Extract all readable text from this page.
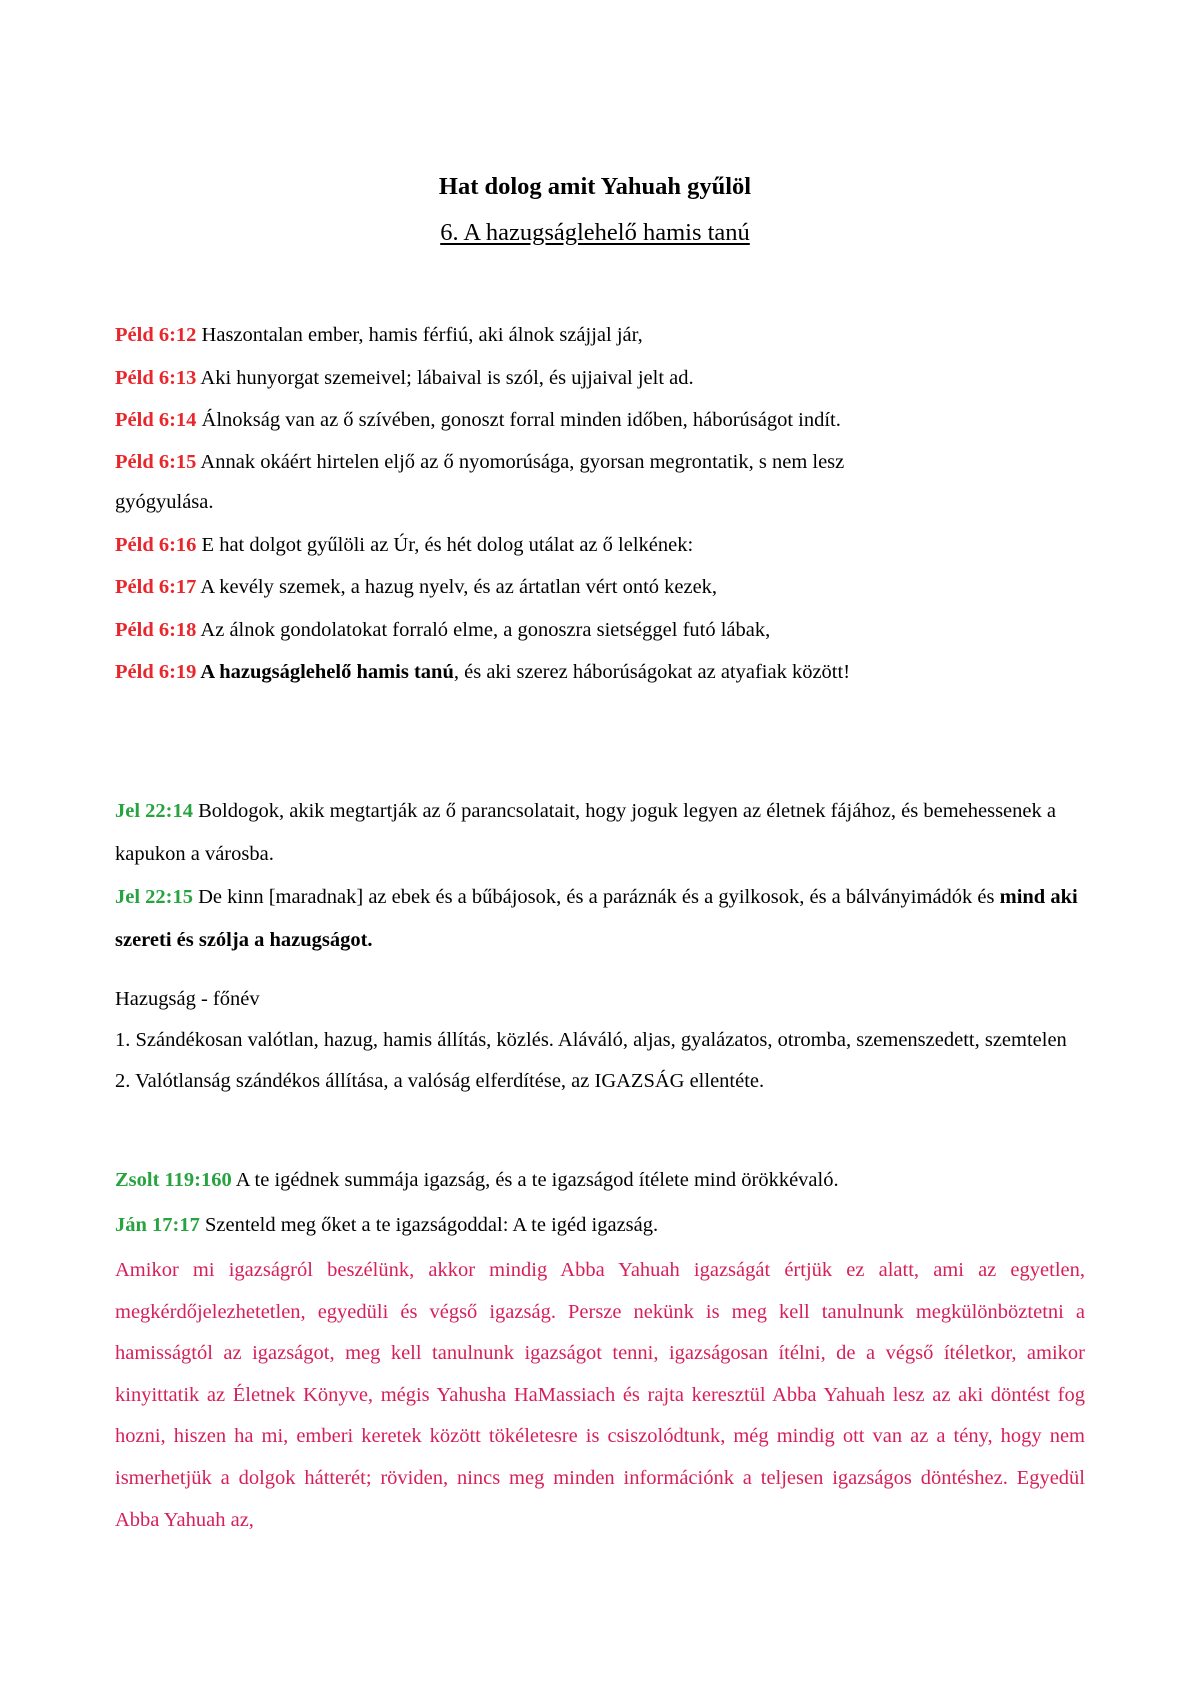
Hat dolog amit Yahuah gyűlöl
6. A hazugságlehelő hamis tanú

Péld 6:12 Haszontalan ember, hamis férfiú, aki álnok szájjal jár,

Péld 6:13 Aki hunyorgat szemeivel; lábaival is szól, és ujjaival jelt ad.

Péld 6:14 Álnokság van az ő szívében, gonoszt forral minden időben, háborúságot indít.

Péld 6:15 Annak okáért hirtelen eljő az ő nyomorúsága, gyorsan megrontatik, s nem lesz gyógyulása.

Péld 6:16 E hat dolgot gyűlöli az Úr, és hét dolog utálat az ő lelkének:

Péld 6:17 A kevély szemek, a hazug nyelv, és az ártatlan vért ontó kezek,

Péld 6:18 Az álnok gondolatokat forraló elme, a gonoszra sietséggel futó lábak,

Péld 6:19 A hazugságlehelő hamis tanú, és aki szerez háborúságokat az atyafiak között!

Jel 22:14 Boldogok, akik megtartják az ő parancsolatait, hogy joguk legyen az életnek fájához, és bemehessenek a kapukon a városba.

Jel 22:15 De kinn [maradnak] az ebek és a bűbájosok, és a paráznák és a gyilkosok, és a bálványimádók és mind aki szereti és szólja a hazugságot.

Hazugság - főnév

1. Szándékosan valótlan, hazug, hamis állítás, közlés. Aláváló, aljas, gyalázatos, otromba, szemenszedett, szemtelen

2. Valótlanság szándékos állítása, a valóság elferdítése, az IGAZSÁG ellentéte.

Zsolt 119:160 A te igédnek summája igazság, és a te igazságod ítélete mind örökkévaló.

Ján 17:17 Szenteld meg őket a te igazságoddal: A te igéd igazság.

Amikor mi igazságról beszélünk, akkor mindig Abba Yahuah igazságát értjük ez alatt, ami az egyetlen, megkérdőjelezhetetlen, egyedüli és végső igazság. Persze nekünk is meg kell tanulnunk megkülönböztetni a hamisságtól az igazságot, meg kell tanulnunk igazságot tenni, igazságosan ítélni, de a végső ítéletkor, amikor kinyittatik az Életnek Könyve, mégis Yahusha HaMassiach és rajta keresztül Abba Yahuah lesz az aki döntést fog hozni, hiszen ha mi, emberi keretek között tökéletesre is csiszolódtunk, még mindig ott van az a tény, hogy nem ismerhetjük a dolgok hátterét; röviden, nincs meg minden információnk a teljesen igazságos döntéshez. Egyedül Abba Yahuah az,
